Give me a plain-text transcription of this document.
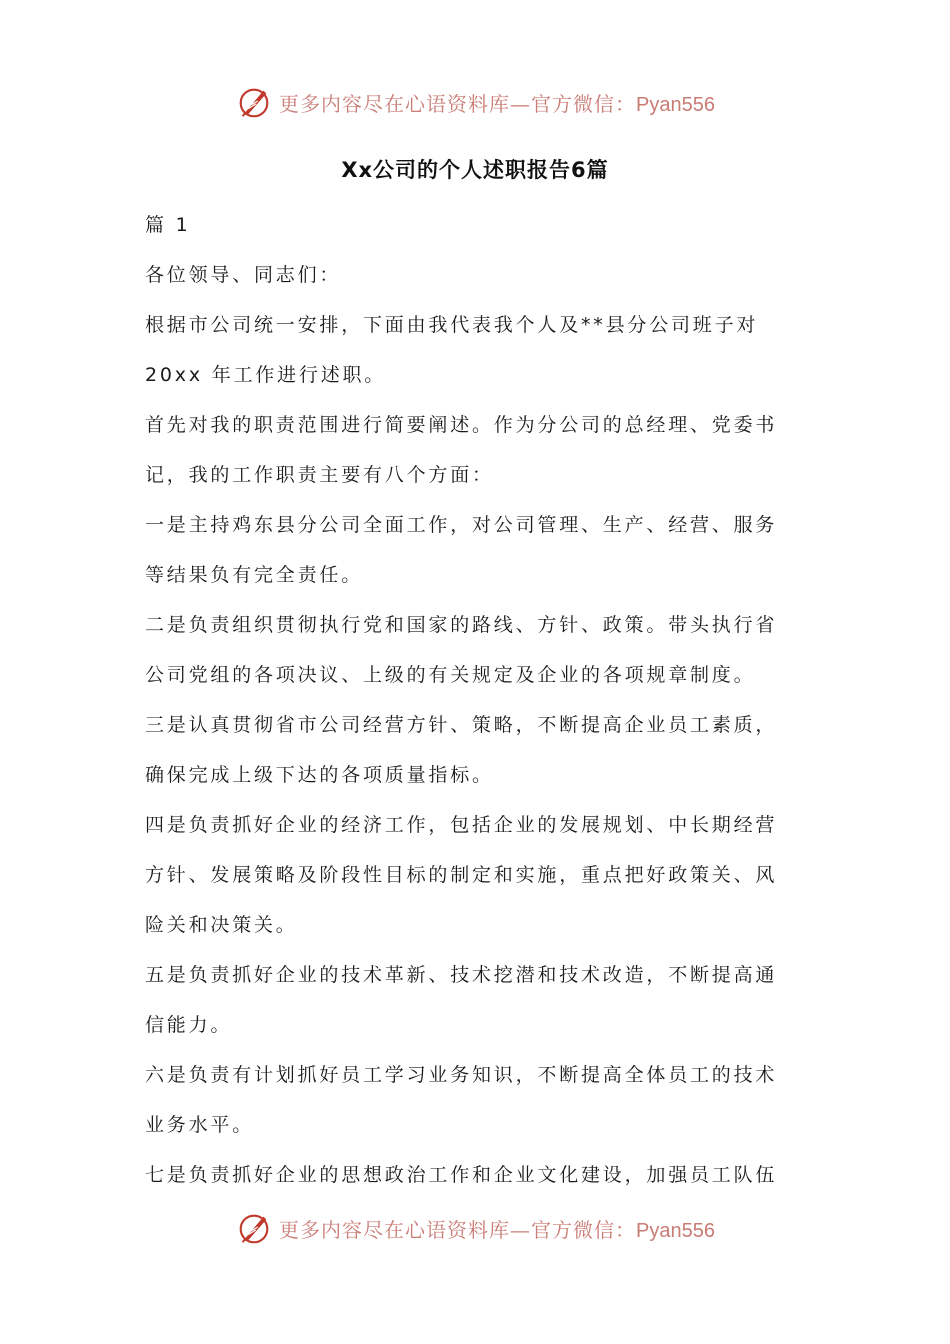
更多内容尽在心语资料库—官方微信：Pyan556
Xx公司的个人述职报告6篇
篇 1
各位领导、同志们：
根据市公司统一安排，下面由我代表我个人及**县分公司班子对
20xx 年工作进行述职。
首先对我的职责范围进行简要阐述。作为分公司的总经理、党委书
记，我的工作职责主要有八个方面：
一是主持鸡东县分公司全面工作，对公司管理、生产、经营、服务
等结果负有完全责任。
二是负责组织贯彻执行党和国家的路线、方针、政策。带头执行省
公司党组的各项决议、上级的有关规定及企业的各项规章制度。
三是认真贯彻省市公司经营方针、策略，不断提高企业员工素质，
确保完成上级下达的各项质量指标。
四是负责抓好企业的经济工作，包括企业的发展规划、中长期经营
方针、发展策略及阶段性目标的制定和实施，重点把好政策关、风
险关和决策关。
五是负责抓好企业的技术革新、技术挖潜和技术改造，不断提高通
信能力。
六是负责有计划抓好员工学习业务知识，不断提高全体员工的技术
业务水平。
七是负责抓好企业的思想政治工作和企业文化建设，加强员工队伍
更多内容尽在心语资料库—官方微信：Pyan556
